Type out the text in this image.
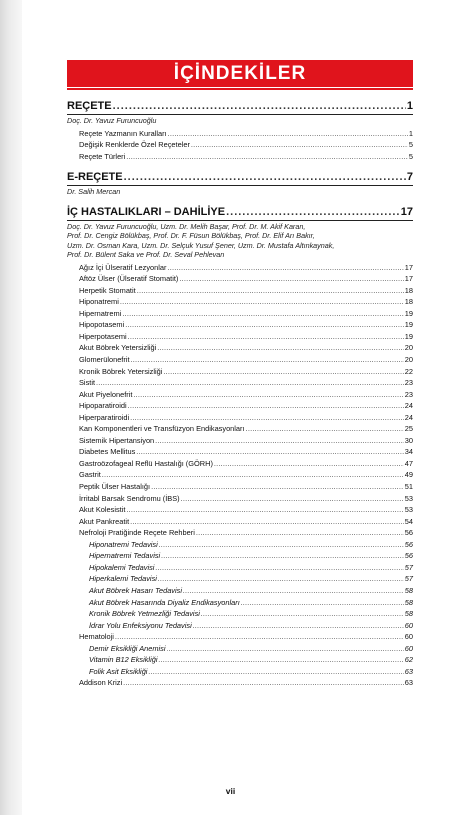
İÇİNDEKİLER
REÇETE .....	1
Doç. Dr. Yavuz Furuncuoğlu
Reçete Yazmanın Kuralları .....	1
Değişik Renklerde Özel Reçeteler .....	5
Reçete Türleri .....	5
E-REÇETE .....	7
Dr. Salih Mercan
İÇ HASTALIKLARI – DAHİLİYE .....	17
Doç. Dr. Yavuz Furuncuoğlu, Uzm. Dr. Melih Başar, Prof. Dr. M. Akif Karan,
Prof. Dr. Cengiz Bölükbaş, Prof. Dr. F. Füsun Bölükbaş, Prof. Dr. Elif Arı Bakır,
Uzm. Dr. Osman Kara, Uzm. Dr. Selçuk Yusuf Şener, Uzm. Dr. Mustafa Altınkaynak,
Prof. Dr. Bülent Saka ve Prof. Dr. Seval Pehlevan
Ağız İçi Ülseratif Lezyonlar .....	17
Aftöz Ülser (Ülseratif Stomatit) .....	17
Herpetik Stomatit .....	18
Hiponatremi .....	18
Hipernatremi .....	19
Hipopotasemi .....	19
Hiperpotasemi .....	19
Akut Böbrek Yetersizliği .....	20
Glomerülonefrit .....	20
Kronik Böbrek Yetersizliği .....	22
Sistit .....	23
Akut Piyelonefrit .....	23
Hipoparatiroidi .....	24
Hiperparatiroidi .....	24
Kan Komponentleri ve Transfüzyon Endikasyonları .....	25
Sistemik Hipertansiyon .....	30
Diabetes Mellitus .....	34
Gastroözofageal Reflü Hastalığı (GÖRH) .....	47
Gastrit .....	49
Peptik Ülser Hastalığı .....	51
İrritabl Barsak Sendromu (İBS) .....	53
Akut Kolesistit .....	53
Akut Pankreatit .....	54
Nefroloji Pratiğinde Reçete Rehberi .....	56
Hiponatremi Tedavisi .....	56
Hipernatremi Tedavisi .....	56
Hipokalemi Tedavisi .....	57
Hiperkalemi Tedavisi .....	57
Akut Böbrek Hasarı Tedavisi .....	58
Akut Böbrek Hasarında Diyaliz Endikasyonları .....	58
Kronik Böbrek Yetmezliği Tedavisi .....	58
İdrar Yolu Enfeksiyonu Tedavisi .....	60
Hematoloji .....	60
Demir Eksikliği Anemisi .....	60
Vitamin B12 Eksikliği .....	62
Folik Asit Eksikliği .....	63
Addison Krizi .....	63
vii
